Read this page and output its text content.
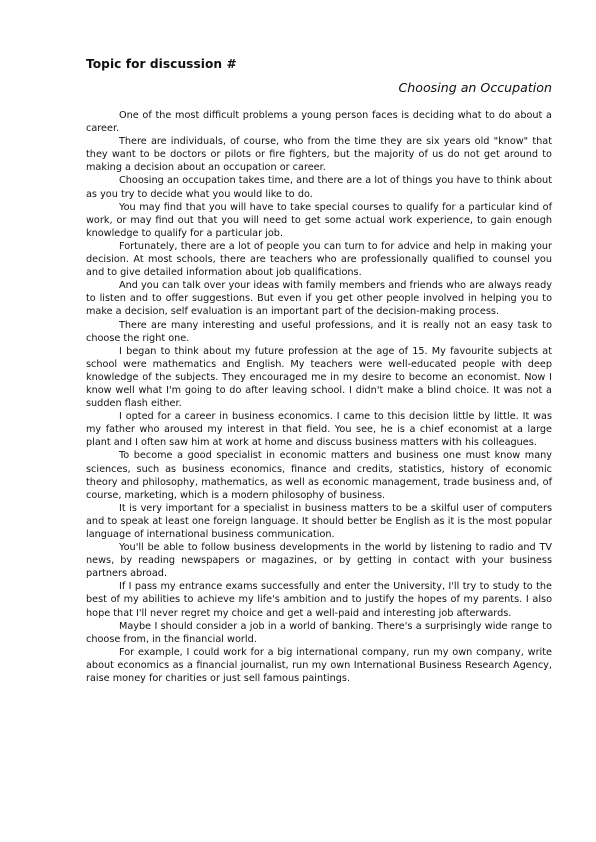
Topic for discussion #
Choosing an Occupation

One of the most difficult problems a young person faces is deciding what to do about a career.

There are individuals, of course, who from the time they are six years old "know" that they want to be doctors or pilots or fire fighters, but the majority of us do not get around to making a decision about an occupation or career.

Choosing an occupation takes time, and there are a lot of things you have to think about as you try to decide what you would like to do.

You may find that you will have to take special courses to qualify for a particular kind of work, or may find out that you will need to get some actual work experience, to gain enough knowledge to qualify for a particular job.

Fortunately, there are a lot of people you can turn to for advice and help in making your decision. At most schools, there are teachers who are professionally qualified to counsel you and to give detailed information about job qualifications.

And you can talk over your ideas with family members and friends who are always ready to listen and to offer suggestions. But even if you get other people involved in helping you to make a decision, self evaluation is an important part of the decision-making process.

There are many interesting and useful professions, and it is really not an easy task to choose the right one.

I began to think about my future profession at the age of 15. My favourite subjects at school were mathematics and English. My teachers were well-educated people with deep knowledge of the subjects. They encouraged me in my desire to become an economist. Now I know well what I'm going to do after leaving school. I didn't make a blind choice. It was not a sudden flash either.

I opted for a career in business economics. I came to this decision little by little. It was my father who aroused my interest in that field. You see, he is a chief economist at a large plant and I often saw him at work at home and discuss business matters with his colleagues.

To become a good specialist in economic matters and business one must know many sciences, such as business economics, finance and credits, statistics, history of economic theory and philosophy, mathematics, as well as economic management, trade business and, of course, marketing, which is a modern philosophy of business.

It is very important for a specialist in business matters to be a skilful user of computers and to speak at least one foreign language. It should better be English as it is the most popular language of international business communication.

You'll be able to follow business developments in the world by listening to radio and TV news, by reading newspapers or magazines, or by getting in contact with your business partners abroad.

If I pass my entrance exams successfully and enter the University, I'll try to study to the best of my abilities to achieve my life's ambition and to justify the hopes of my parents. I also hope that I'll never regret my choice and get a well-paid and interesting job afterwards.

Maybe I should consider a job in a world of banking. There's a surprisingly wide range to choose from, in the financial world.

For example, I could work for a big international company, run my own company, write about economics as a financial journalist, run my own International Business Research Agency, raise money for charities or just sell famous paintings.
